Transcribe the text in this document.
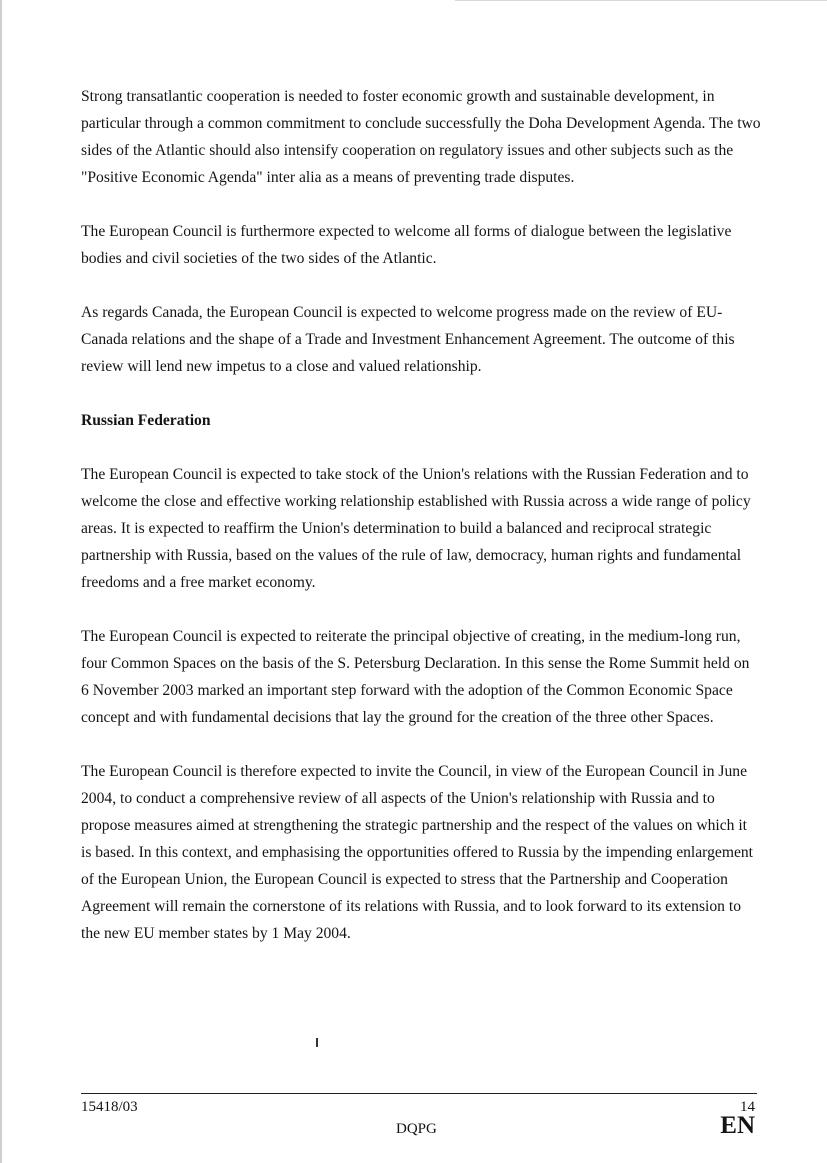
Strong transatlantic cooperation is needed to foster economic growth and sustainable development, in particular through a common commitment to conclude successfully the Doha Development Agenda. The two sides of the Atlantic should also intensify cooperation on regulatory issues and other subjects such as the "Positive Economic Agenda" inter alia as a means of preventing trade disputes.

The European Council is furthermore expected to welcome all forms of dialogue between the legislative bodies and civil societies of the two sides of the Atlantic.

As regards Canada, the European Council is expected to welcome progress made on the review of EU-Canada relations and the shape of a Trade and Investment Enhancement Agreement. The outcome of this review will lend new impetus to a close and valued relationship.

Russian Federation

The European Council is expected to take stock of the Union's relations with the Russian Federation and to welcome the close and effective working relationship established with Russia across a wide range of policy areas. It is expected to reaffirm the Union's determination to build a balanced and reciprocal strategic partnership with Russia, based on the values of the rule of law, democracy, human rights and fundamental freedoms and a free market economy.

The European Council is expected to reiterate the principal objective of creating, in the medium-long run, four Common Spaces on the basis of the S. Petersburg Declaration. In this sense the Rome Summit held on 6 November 2003 marked an important step forward with the adoption of the Common Economic Space concept and with fundamental decisions that lay the ground for the creation of the three other Spaces.

The European Council is therefore expected to invite the Council, in view of the European Council in June 2004, to conduct a comprehensive review of all aspects of the Union's relationship with Russia and to propose measures aimed at strengthening the strategic partnership and the respect of the values on which it is based. In this context, and emphasising the opportunities offered to Russia by the impending enlargement of the European Union, the European Council is expected to stress that the Partnership and Cooperation Agreement will remain the cornerstone of its relations with Russia, and to look forward to its extension to the new EU member states by 1 May 2004.

15418/03
DQPG
14
EN
